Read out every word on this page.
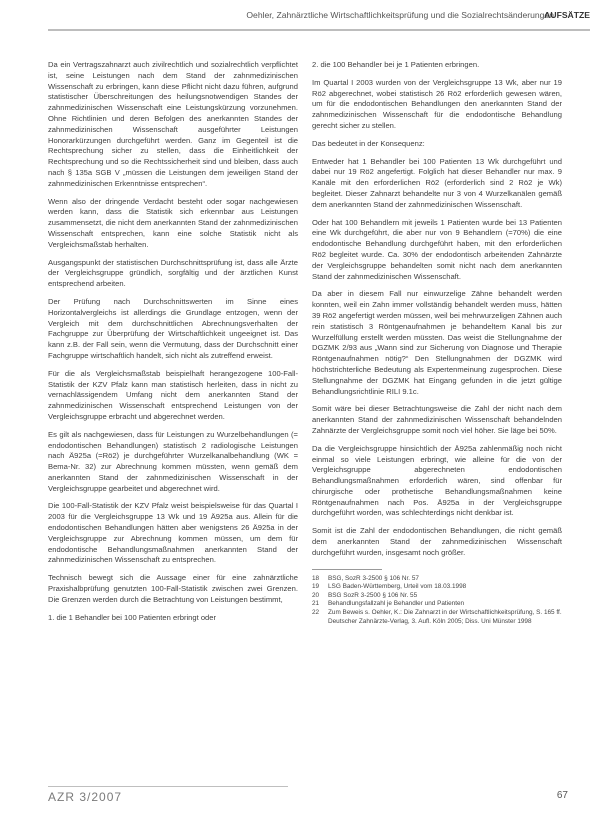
Oehler, Zahnärztliche Wirtschaftlichkeitsprüfung und die Sozialrechtsänderungen
AUFSÄTZE

Da ein Vertragszahnarzt auch zivilrechtlich und sozialrechtlich verpflichtet ist, seine Leistungen nach dem Stand der zahnmedizinischen Wissenschaft zu erbringen, kann diese Pflicht nicht dazu führen, aufgrund statistischer Überschreitungen des heilungsnotwendigen Standes der zahnmedizinischen Wissenschaft eine Leistungskürzung vorzunehmen. Ohne Richtlinien und deren Befolgen des anerkannten Standes der zahnmedizinischen Wissenschaft ausgeführter Leistungen Honorarkürzungen durchgeführt werden. Ganz im Gegenteil ist die Rechtsprechung sicher zu stellen, dass die Einheitlichkeit der Rechtsprechung und so die Rechtssicherheit sind und bleiben, dass auch nach § 135a SGB V „müssen die Leistungen dem jeweiligen Stand der zahnmedizinischen Erkenntnisse entsprechen“.

Wenn also der dringende Verdacht besteht oder sogar nachgewiesen werden kann, dass die Statistik sich erkennbar aus Leistungen zusammensetzt, die nicht dem anerkannten Stand der zahnmedizinischen Wissenschaft entsprechen, kann eine solche Statistik nicht als Vergleichsmaßstab herhalten.

Ausgangspunkt der statistischen Durchschnittsprüfung ist, dass alle Ärzte der Vergleichsgruppe gründlich, sorgfältig und der ärztlichen Kunst entsprechend arbeiten.

Der Prüfung nach Durchschnittswerten im Sinne eines Horizontalvergleichs ist allerdings die Grundlage entzogen, wenn der Vergleich mit dem durchschnittlichen Abrechnungsverhalten der Fachgruppe zur Überprüfung der Wirtschaftlichkeit ungeeignet ist. Das kann z.B. der Fall sein, wenn die Vermutung, dass der Durchschnitt einer Fachgruppe wirtschaftlich handelt, sich nicht als zutreffend erweist.

Für die als Vergleichsmaßstab beispielhaft herangezogene 100-Fall-Statistik der KZV Pfalz kann man statistisch herleiten, dass in nicht zu vernachlässigendem Umfang nicht dem anerkannten Stand der zahnmedizinischen Wissenschaft entsprechend Leistungen von der Vergleichsgruppe erbracht und abgerechnet werden.

Es gilt als nachgewiesen, dass für Leistungen zu Wurzelbehandlungen (= endodontischen Behandlungen) statistisch 2 radiologische Leistungen nach Ä925a (=Rö2) je durchgeführter Wurzelkanalbehandlung (WK = Bema-Nr. 32) zur Abrechnung kommen müssten, wenn gemäß dem anerkannten Stand der zahnmedizinischen Wissenschaft in der Vergleichsgruppe gearbeitet und abgerechnet wird.

Die 100-Fall-Statistik der KZV Pfalz weist beispielsweise für das Quartal I 2003 für die Vergleichsgruppe 13 Wk und 19 Ä925a aus. Allein für die endodontischen Behandlungen hätten aber wenigstens 26 Ä925a in der Vergleichsgruppe zur Abrechnung kommen müssen, um dem für endodontische Behandlungsmaßnahmen anerkannten Stand der zahnmedizinischen Wissenschaft zu entsprechen.

Technisch bewegt sich die Aussage einer für eine zahnärztliche Praxishalbprüfung genutzten 100-Fall-Statistik zwischen zwei Grenzen. Die Grenzen werden durch die Betrachtung von Leistungen bestimmt,

1. die 1 Behandler bei 100 Patienten erbringt oder

2. die 100 Behandler bei je 1 Patienten erbringen.

Im Quartal I 2003 wurden von der Vergleichsgruppe 13 Wk, aber nur 19 Rö2 abgerechnet, wobei statistisch 26 Rö2 erforderlich gewesen wären, um für die endodontischen Behandlungen den anerkannten Stand der zahnmedizinischen Wissenschaft für die endodontische Behandlung gerecht sicher zu stellen.

Das bedeutet in der Konsequenz:

Entweder hat 1 Behandler bei 100 Patienten 13 Wk durchgeführt und dabei nur 19 Rö2 angefertigt. Folglich hat dieser Behandler nur max. 9 Kanäle mit den erforderlichen Rö2 (erforderlich sind 2 Rö2 je Wk) begleitet. Dieser Zahnarzt behandelte nur 3 von 4 Wurzelkanälen gemäß dem anerkannten Stand der zahnmedizinischen Wissenschaft.

Oder hat 100 Behandlern mit jeweils 1 Patienten wurde bei 13 Patienten eine Wk durchgeführt, die aber nur von 9 Behandlern (=70%) die eine endodontische Behandlung durchgeführt haben, mit den erforderlichen Rö2 begleitet wurde. Ca. 30% der endodontisch arbeitenden Zahnärzte der Vergleichsgruppe behandelten somit nicht nach dem anerkannten Stand der zahnmedizinischen Wissenschaft.

Da aber in diesem Fall nur einwurzelige Zähne behandelt werden konnten, weil ein Zahn immer vollständig behandelt werden muss, hätten 39 Rö2 angefertigt werden müssen, weil bei mehrwurzeligen Zähnen auch rein statistisch 3 Röntgenaufnahmen je behandeltem Kanal bis zur Wurzelfüllung erstellt werden müssten. Das weist die Stellungnahme der DGZMK 2/93 aus „Wann sind zur Sicherung von Diagnose und Therapie Röntgenaufnahmen nötig?“ Den Stellungnahmen der DGZMK wird höchstrichterliche Bedeutung als Expertenmeinung zugesprochen. Diese Stellungnahme der DGZMK hat Eingang gefunden in die jetzt gültige Behandlungsrichtlinie RILI 9.1c.

Somit wäre bei dieser Betrachtungsweise die Zahl der nicht nach dem anerkannten Stand der zahnmedizinischen Wissenschaft behandelnden Zahnärzte der Vergleichsgruppe somit noch viel höher. Sie läge bei 50%.

Da die Vergleichsgruppe hinsichtlich der Ä925a zahlenmäßig noch nicht einmal so viele Leistungen erbringt, wie alleine für die von der Vergleichsgruppe abgerechneten endodontischen Behandlungsmaßnahmen erforderlich wären, sind offenbar für chirurgische oder prothetische Behandlungsmaßnahmen keine Röntgenaufnahmen nach Pos. Ä925a in der Vergleichsgruppe durchgeführt worden, was schlechterdings nicht denkbar ist.

Somit ist die Zahl der endodontischen Behandlungen, die nicht gemäß dem anerkannten Stand der zahnmedizinischen Wissenschaft durchgeführt wurden, insgesamt noch größer.

18	BSG, SozR 3-2500 § 106 Nr. 57
19	LSG Baden-Württemberg, Urteil vom 18.03.1998
20	BSG SozR 3-2500 § 106 Nr. 55
21	Behandlungsfallzahl je Behandler und Patienten
22	Zum Beweis s. Oehler, K.: Die Zahnarzt in der Wirtschaftlichkeitsprüfung, S. 165 ff. Deutscher Zahnärzte-Verlag, 3. Aufl. Köln 2005; Diss. Uni Münster 1998
AZR 3/2007	67
